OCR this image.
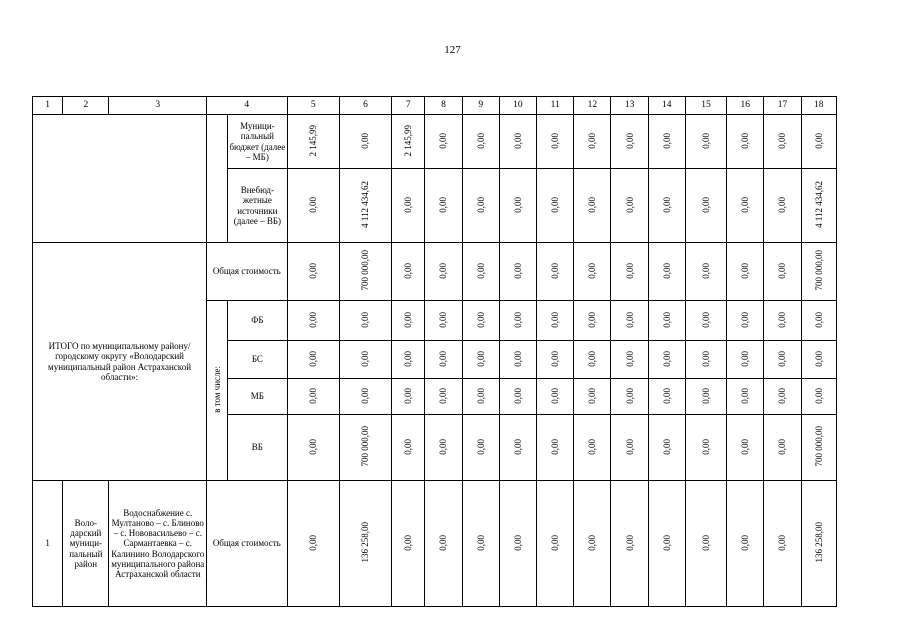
127
1	2	3	4		5	6	7	8	9	10	11	12	13	14	15	16	17	18
				Муници-пальный бюджет (далее – МБ)	2 145,99	0,00	2 145,99	0,00	0,00	0,00	0,00	0,00	0,00	0,00	0,00	0,00	0,00	0,00
				Внебюд-жетные источники (далее – ВБ)	0,00	4 112 434,62	0,00	0,00	0,00	0,00	0,00	0,00	0,00	0,00	0,00	0,00	0,00	4 112 434,62
ИТОГО по муниципальному району/ городскому округу «Володарский муниципальный район Астраханской области»:			Общая стоимость		0,00	700 000,00	0,00	0,00	0,00	0,00	0,00	0,00	0,00	0,00	0,00	0,00	0,00	700 000,00
			в том числе:	ФБ	0,00	0,00	0,00	0,00	0,00	0,00	0,00	0,00	0,00	0,00	0,00	0,00	0,00	0,00
				БС	0,00	0,00	0,00	0,00	0,00	0,00	0,00	0,00	0,00	0,00	0,00	0,00	0,00	0,00
				МБ	0,00	0,00	0,00	0,00	0,00	0,00	0,00	0,00	0,00	0,00	0,00	0,00	0,00	0,00
				ВБ	0,00	700 000,00	0,00	0,00	0,00	0,00	0,00	0,00	0,00	0,00	0,00	0,00	0,00	700 000,00
1	Воло-дарский муници-пальный район	Водоснабжение с. Мултаново – с. Блиново – с. Нововасильево – с. Сармантаевка – с. Калинино Володарского муниципального района Астраханской области	Общая стоимость		0,00	136 258,00	0,00	0,00	0,00	0,00	0,00	0,00	0,00	0,00	0,00	0,00	0,00	136 258,00
